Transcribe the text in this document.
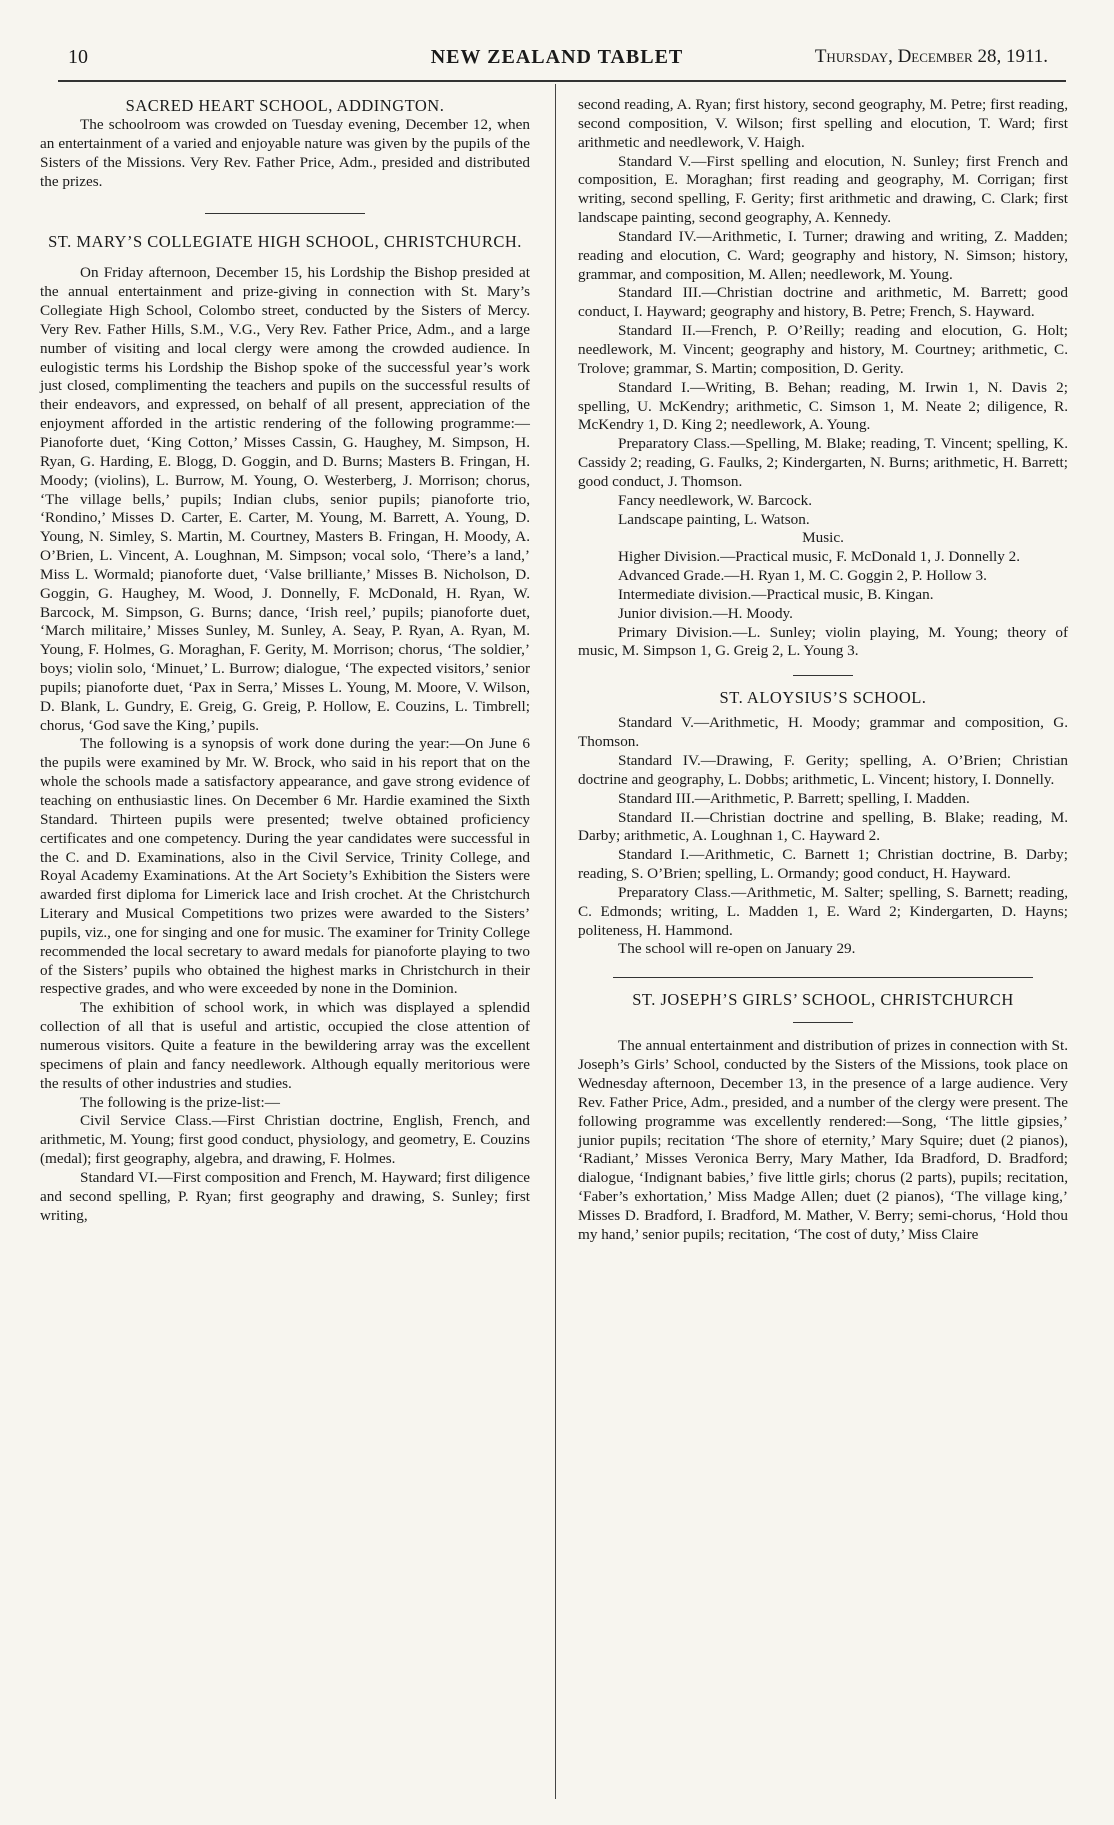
10	NEW ZEALAND TABLET	Thursday, December 28, 1911.
SACRED HEART SCHOOL, ADDINGTON.

The schoolroom was crowded on Tuesday evening, December 12, when an entertainment of a varied and enjoyable nature was given by the pupils of the Sisters of the Missions. Very Rev. Father Price, Adm., presided and distributed the prizes.

ST. MARY’S COLLEGIATE HIGH SCHOOL, CHRISTCHURCH.

On Friday afternoon, December 15, his Lordship the Bishop presided at the annual entertainment and prize-giving in connection with St. Mary’s Collegiate High School, Colombo street, conducted by the Sisters of Mercy. Very Rev. Father Hills, S.M., V.G., Very Rev. Father Price, Adm., and a large number of visiting and local clergy were among the crowded audience. In eulogistic terms his Lordship the Bishop spoke of the successful year’s work just closed, complimenting the teachers and pupils on the successful results of their endeavors, and expressed, on behalf of all present, appreciation of the enjoyment afforded in the artistic rendering of the following programme:—Pianoforte duet, ‘King Cotton,’ Misses Cassin, G. Haughey, M. Simpson, H. Ryan, G. Harding, E. Blogg, D. Goggin, and D. Burns; Masters B. Fringan, H. Moody; (violins), L. Burrow, M. Young, O. Westerberg, J. Morrison; chorus, ‘The village bells,’ pupils; Indian clubs, senior pupils; pianoforte trio, ‘Rondino,’ Misses D. Carter, E. Carter, M. Young, M. Barrett, A. Young, D. Young, N. Simley, S. Martin, M. Courtney, Masters B. Fringan, H. Moody, A. O’Brien, L. Vincent, A. Loughnan, M. Simpson; vocal solo, ‘There’s a land,’ Miss L. Wormald; pianoforte duet, ‘Valse brilliante,’ Misses B. Nicholson, D. Goggin, G. Haughey, M. Wood, J. Donnelly, F. McDonald, H. Ryan, W. Barcock, M. Simpson, G. Burns; dance, ‘Irish reel,’ pupils; pianoforte duet, ‘March militaire,’ Misses Sunley, M. Sunley, A. Seay, P. Ryan, A. Ryan, M. Young, F. Holmes, G. Moraghan, F. Gerity, M. Morrison; chorus, ‘The soldier,’ boys; violin solo, ‘Minuet,’ L. Burrow; dialogue, ‘The expected visitors,’ senior pupils; pianoforte duet, ‘Pax in Serra,’ Misses L. Young, M. Moore, V. Wilson, D. Blank, L. Gundry, E. Greig, G. Greig, P. Hollow, E. Couzins, L. Timbrell; chorus, ‘God save the King,’ pupils.

The following is a synopsis of work done during the year:—On June 6 the pupils were examined by Mr. W. Brock, who said in his report that on the whole the schools made a satisfactory appearance, and gave strong evidence of teaching on enthusiastic lines. On December 6 Mr. Hardie examined the Sixth Standard. Thirteen pupils were presented; twelve obtained proficiency certificates and one competency. During the year candidates were successful in the C. and D. Examinations, also in the Civil Service, Trinity College, and Royal Academy Examinations. At the Art Society’s Exhibition the Sisters were awarded first diploma for Limerick lace and Irish crochet. At the Christchurch Literary and Musical Competitions two prizes were awarded to the Sisters’ pupils, viz., one for singing and one for music. The examiner for Trinity College recommended the local secretary to award medals for pianoforte playing to two of the Sisters’ pupils who obtained the highest marks in Christchurch in their respective grades, and who were exceeded by none in the Dominion.

The exhibition of school work, in which was displayed a splendid collection of all that is useful and artistic, occupied the close attention of numerous visitors. Quite a feature in the bewildering array was the excellent specimens of plain and fancy needlework. Although equally meritorious were the results of other industries and studies.

The following is the prize-list:—

Civil Service Class.—First Christian doctrine, English, French, and arithmetic, M. Young; first good conduct, physiology, and geometry, E. Couzins (medal); first geography, algebra, and drawing, F. Holmes.

Standard VI.—First composition and French, M. Hayward; first diligence and second spelling, P. Ryan; first geography and drawing, S. Sunley; first writing,

second reading, A. Ryan; first history, second geography, M. Petre; first reading, second composition, V. Wilson; first spelling and elocution, T. Ward; first arithmetic and needlework, V. Haigh.

Standard V.—First spelling and elocution, N. Sunley; first French and composition, E. Moraghan; first reading and geography, M. Corrigan; first writing, second spelling, F. Gerity; first arithmetic and drawing, C. Clark; first landscape painting, second geography, A. Kennedy.

Standard IV.—Arithmetic, I. Turner; drawing and writing, Z. Madden; reading and elocution, C. Ward; geography and history, N. Simson; history, grammar, and composition, M. Allen; needlework, M. Young.

Standard III.—Christian doctrine and arithmetic, M. Barrett; good conduct, I. Hayward; geography and history, B. Petre; French, S. Hayward.

Standard II.—French, P. O’Reilly; reading and elocution, G. Holt; needlework, M. Vincent; geography and history, M. Courtney; arithmetic, C. Trolove; grammar, S. Martin; composition, D. Gerity.

Standard I.—Writing, B. Behan; reading, M. Irwin 1, N. Davis 2; spelling, U. McKendry; arithmetic, C. Simson 1, M. Neate 2; diligence, R. McKendry 1, D. King 2; needlework, A. Young.

Preparatory Class.—Spelling, M. Blake; reading, T. Vincent; spelling, K. Cassidy 2; reading, G. Faulks, 2; Kindergarten, N. Burns; arithmetic, H. Barrett; good conduct, J. Thomson.

Fancy needlework, W. Barcock.

Landscape painting, L. Watson.

Music.

Higher Division.—Practical music, F. McDonald 1, J. Donnelly 2.

Advanced Grade.—H. Ryan 1, M. C. Goggin 2, P. Hollow 3.

Intermediate division.—Practical music, B. Kingan.

Junior division.—H. Moody.

Primary Division.—L. Sunley; violin playing, M. Young; theory of music, M. Simpson 1, G. Greig 2, L. Young 3.

ST. ALOYSIUS’S SCHOOL.

Standard V.—Arithmetic, H. Moody; grammar and composition, G. Thomson.

Standard IV.—Drawing, F. Gerity; spelling, A. O’Brien; Christian doctrine and geography, L. Dobbs; arithmetic, L. Vincent; history, I. Donnelly.

Standard III.—Arithmetic, P. Barrett; spelling, I. Madden.

Standard II.—Christian doctrine and spelling, B. Blake; reading, M. Darby; arithmetic, A. Loughnan 1, C. Hayward 2.

Standard I.—Arithmetic, C. Barnett 1; Christian doctrine, B. Darby; reading, S. O’Brien; spelling, L. Ormandy; good conduct, H. Hayward.

Preparatory Class.—Arithmetic, M. Salter; spelling, S. Barnett; reading, C. Edmonds; writing, L. Madden 1, E. Ward 2; Kindergarten, D. Hayns; politeness, H. Hammond.

The school will re-open on January 29.

ST. JOSEPH’S GIRLS’ SCHOOL, CHRISTCHURCH

The annual entertainment and distribution of prizes in connection with St. Joseph’s Girls’ School, conducted by the Sisters of the Missions, took place on Wednesday afternoon, December 13, in the presence of a large audience. Very Rev. Father Price, Adm., presided, and a number of the clergy were present. The following programme was excellently rendered:—Song, ‘The little gipsies,’ junior pupils; recitation ‘The shore of eternity,’ Mary Squire; duet (2 pianos), ‘Radiant,’ Misses Veronica Berry, Mary Mather, Ida Bradford, D. Bradford; dialogue, ‘Indignant babies,’ five little girls; chorus (2 parts), pupils; recitation, ‘Faber’s exhortation,’ Miss Madge Allen; duet (2 pianos), ‘The village king,’ Misses D. Bradford, I. Bradford, M. Mather, V. Berry; semi-chorus, ‘Hold thou my hand,’ senior pupils; recitation, ‘The cost of duty,’ Miss Claire
